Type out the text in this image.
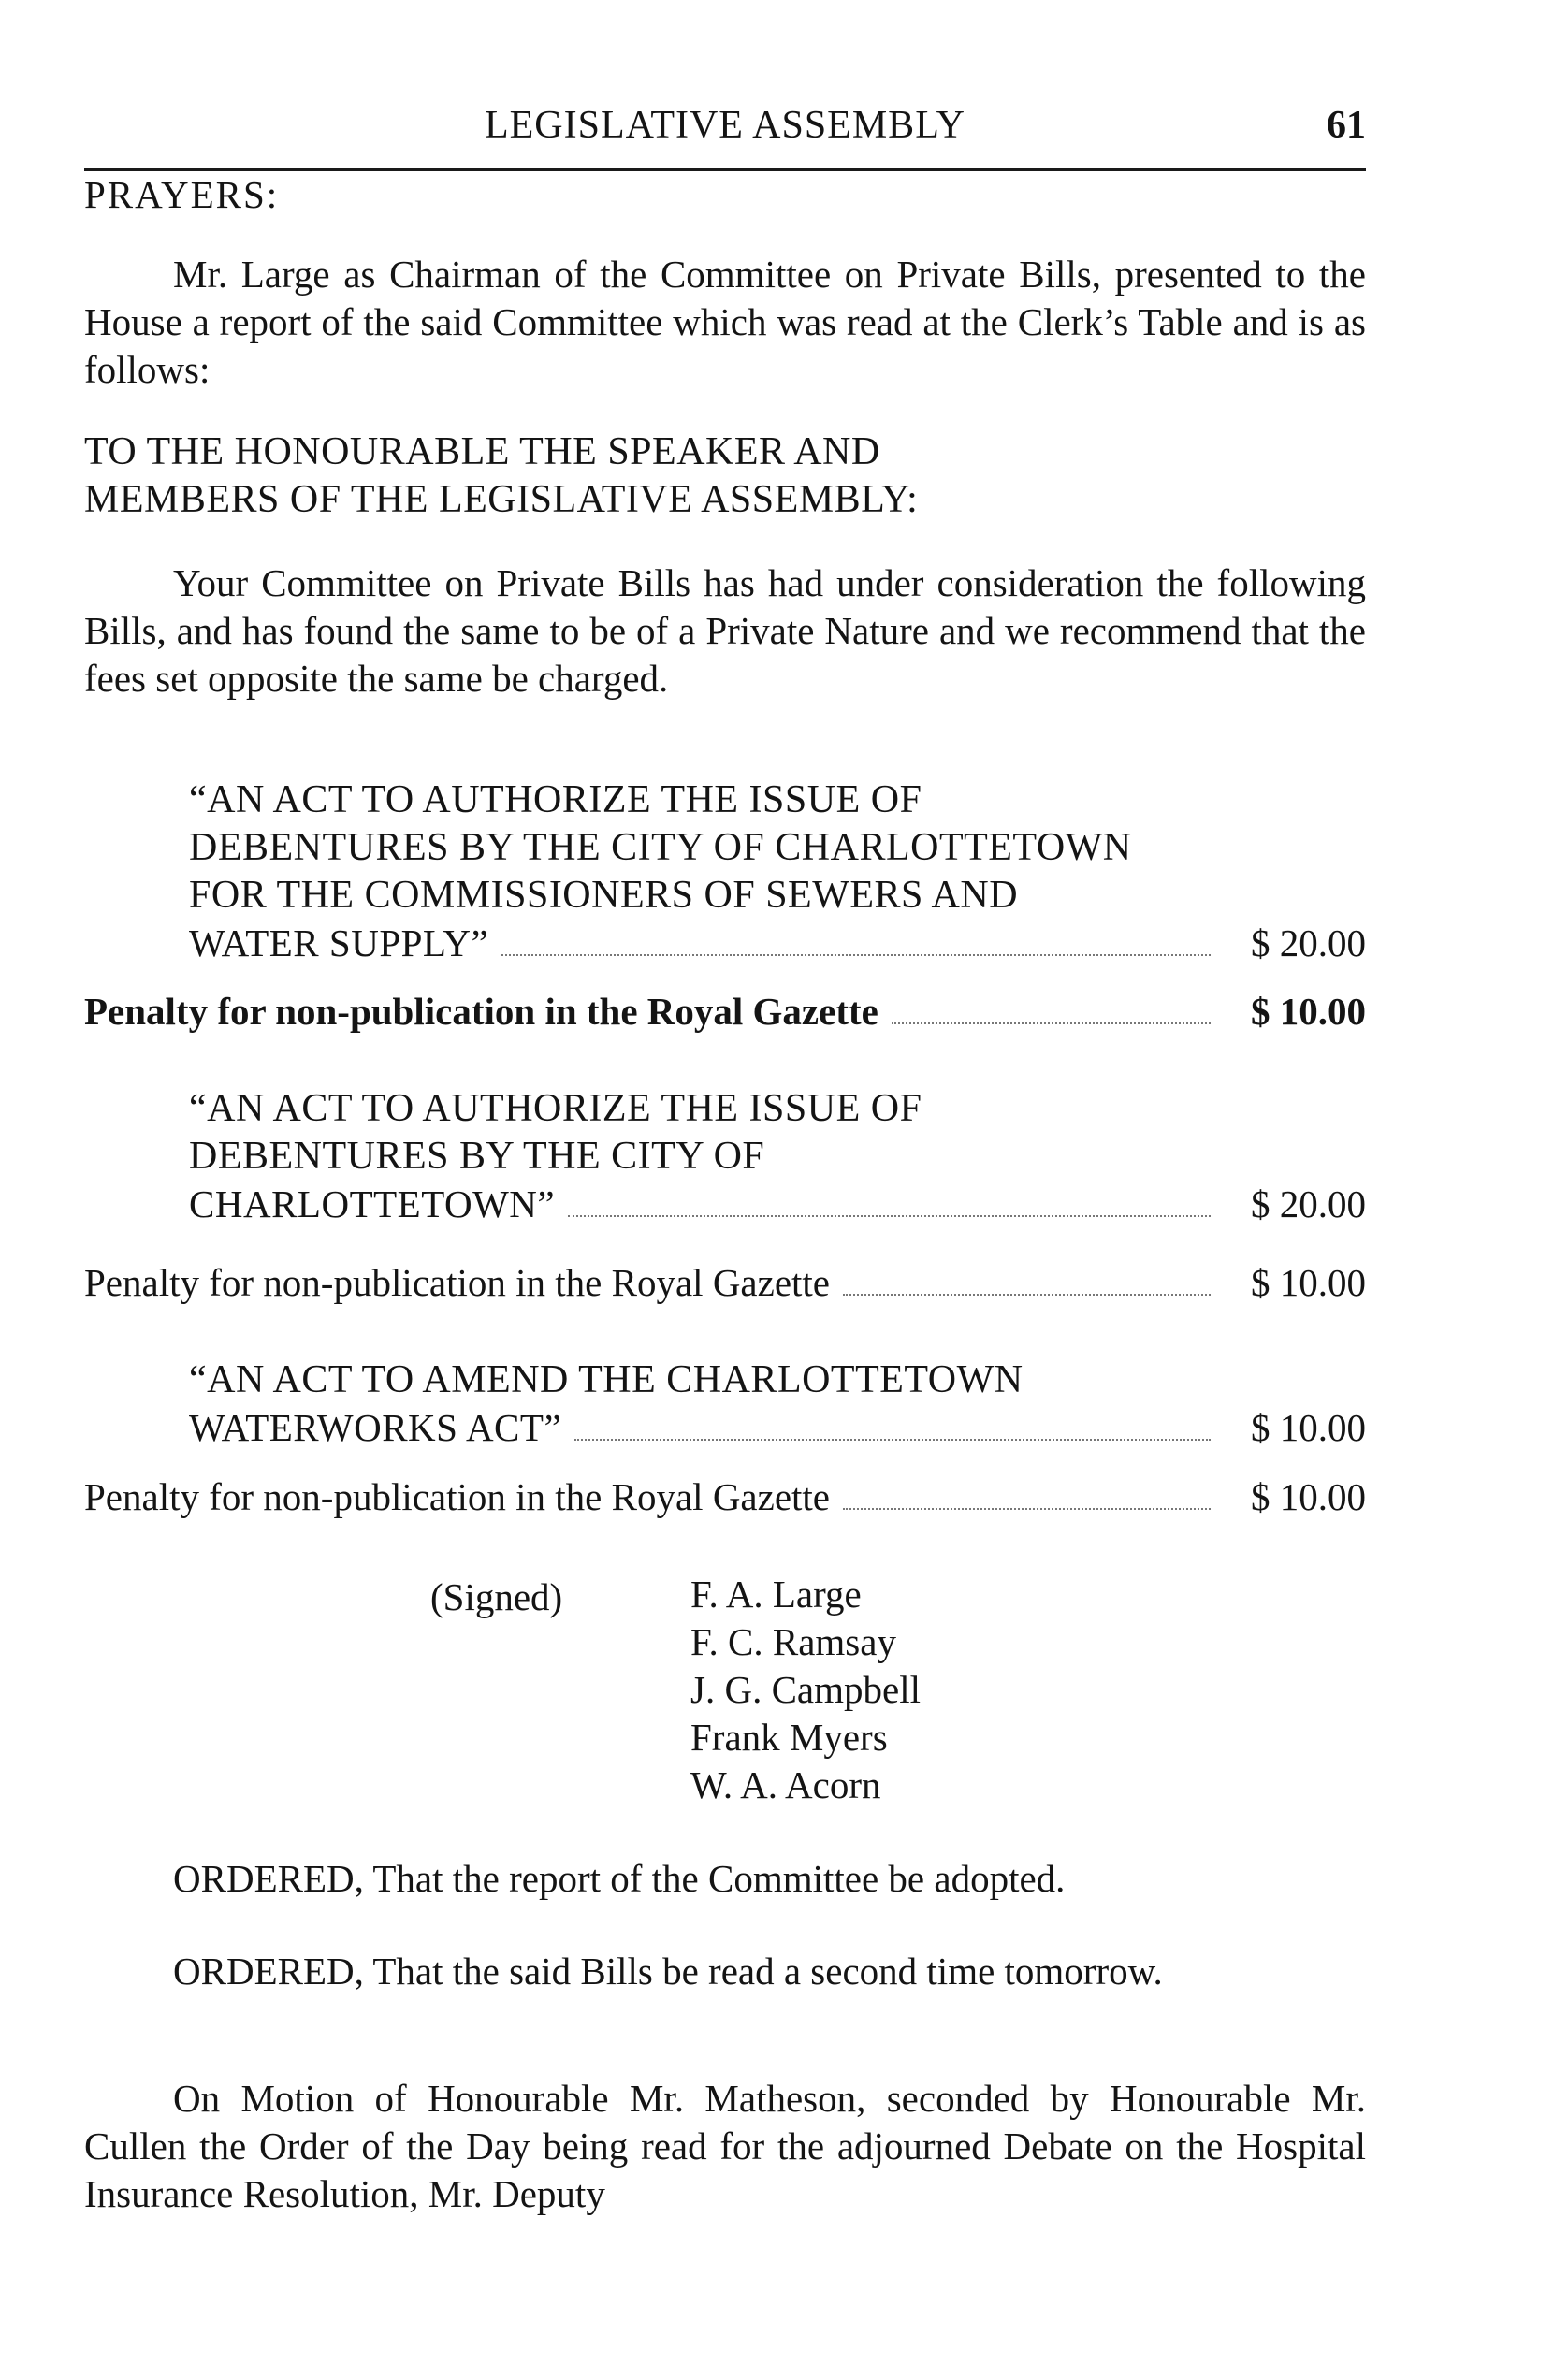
LEGISLATIVE ASSEMBLY	61
PRAYERS:

Mr. Large as Chairman of the Committee on Private Bills, presented to the House a report of the said Committee which was read at the Clerk’s Table and is as follows:

TO THE HONOURABLE THE SPEAKER AND
MEMBERS OF THE LEGISLATIVE ASSEMBLY:

Your Committee on Private Bills has had under consideration the following Bills, and has found the same to be of a Private Nature and we recommend that the fees set opposite the same be charged.

“AN ACT TO AUTHORIZE THE ISSUE OF
DEBENTURES BY THE CITY OF CHARLOTTETOWN
FOR THE COMMISSIONERS OF SEWERS AND
WATER SUPPLY”	$ 20.00
Penalty for non-publication in the Royal Gazette	$ 10.00
“AN ACT TO AUTHORIZE THE ISSUE OF
DEBENTURES BY THE CITY OF
CHARLOTTETOWN”	$ 20.00
Penalty for non-publication in the Royal Gazette	$ 10.00
“AN ACT TO AMEND THE CHARLOTTETOWN
WATERWORKS ACT”	$ 10.00
Penalty for non-publication in the Royal Gazette	$ 10.00
(Signed)	F. A. Large
F. C. Ramsay
J. G. Campbell
Frank Myers
W. A. Acorn

ORDERED, That the report of the Committee be adopted.

ORDERED, That the said Bills be read a second time tomorrow.

On Motion of Honourable Mr. Matheson, seconded by Honourable Mr. Cullen the Order of the Day being read for the adjourned Debate on the Hospital Insurance Resolution, Mr. Deputy
